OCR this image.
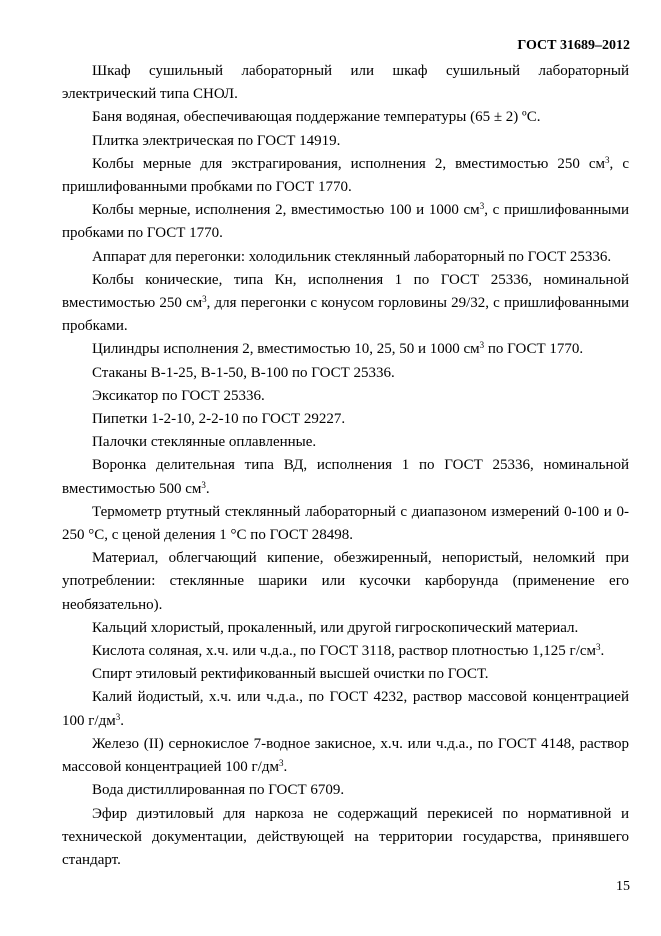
ГОСТ 31689–2012

Шкаф сушильный лабораторный или шкаф сушильный лабораторный электрический типа СНОЛ.

Баня водяная, обеспечивающая поддержание температуры (65 ± 2) ºС.

Плитка электрическая по ГОСТ 14919.

Колбы мерные для экстрагирования, исполнения 2, вместимостью 250 $см^3$, с пришлифованными пробками по ГОСТ 1770.

Колбы мерные, исполнения 2, вместимостью 100 и 1000 $см^3$, с пришлифованными пробками по ГОСТ 1770.

Аппарат для перегонки: холодильник стеклянный лабораторный по ГОСТ 25336.

Колбы конические, типа Кн, исполнения 1 по ГОСТ 25336, номинальной вместимостью 250 $см^3$, для перегонки с конусом горловины 29/32, с пришлифованными пробками.

Цилиндры исполнения 2, вместимостью 10, 25, 50 и 1000 $см^3$ по ГОСТ 1770.

Стаканы В-1-25, В-1-50, В-100 по ГОСТ 25336.

Эксикатор по ГОСТ 25336.

Пипетки 1-2-10, 2-2-10 по ГОСТ 29227.

Палочки стеклянные оплавленные.

Воронка делительная типа ВД, исполнения 1 по ГОСТ 25336, номинальной вместимостью 500 $см^3$.

Термометр ртутный стеклянный лабораторный с диапазоном измерений 0-100 и 0-250 °С, с ценой деления 1 °С по ГОСТ 28498.

Материал, облегчающий кипение, обезжиренный, непористый, неломкий при употреблении: стеклянные шарики или кусочки карборунда (применение его необязательно).

Кальций хлористый, прокаленный, или другой гигроскопический материал.

Кислота соляная, х.ч. или ч.д.а., по ГОСТ 3118, раствор плотностью 1,125 $г/см^3$.

Спирт этиловый ректификованный высшей очистки по ГОСТ.

Калий йодистый, х.ч. или ч.д.а., по ГОСТ 4232, раствор массовой концентрацией 100 $г/дм^3$.

Железо (II) сернокислое 7-водное закисное, х.ч. или ч.д.а., по ГОСТ 4148, раствор массовой концентрацией 100 $г/дм^3$.

Вода дистиллированная по ГОСТ 6709.

Эфир диэтиловый для наркоза не содержащий перекисей по нормативной и технической документации, действующей на территории государства, принявшего стандарт.

15
